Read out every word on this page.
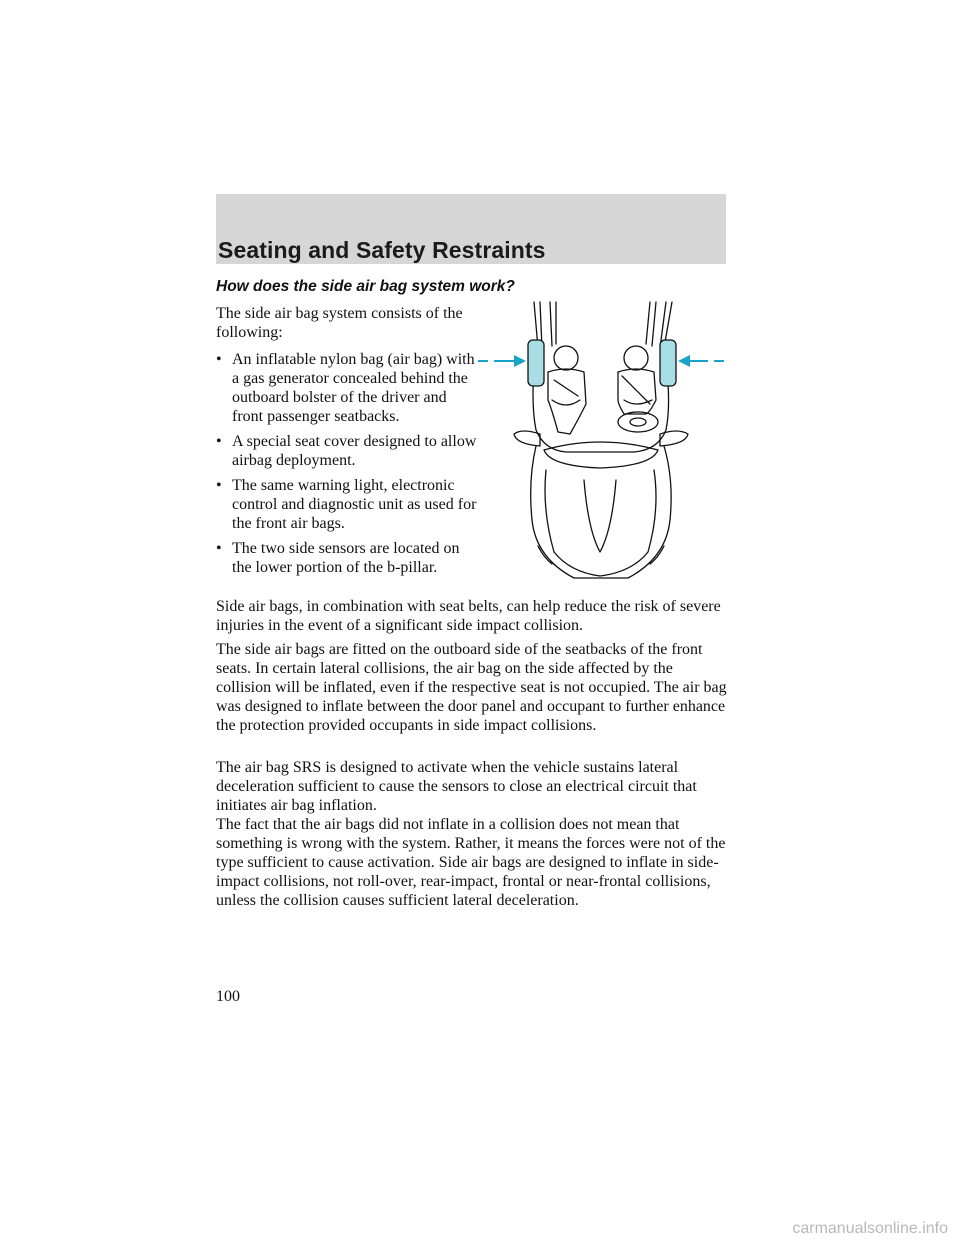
Seating and Safety Restraints
How does the side air bag system work?

The side air bag system consists of the following:

• An inflatable nylon bag (air bag) with a gas generator concealed behind the outboard bolster of the driver and front passenger seatbacks.
• A special seat cover designed to allow airbag deployment.
• The same warning light, electronic control and diagnostic unit as used for the front air bags.
• The two side sensors are located on the lower portion of the b-pillar.

Side air bags, in combination with seat belts, can help reduce the risk of severe injuries in the event of a significant side impact collision.

The side air bags are fitted on the outboard side of the seatbacks of the front seats. In certain lateral collisions, the air bag on the side affected by the collision will be inflated, even if the respective seat is not occupied. The air bag was designed to inflate between the door panel and occupant to further enhance the protection provided occupants in side impact collisions.

The air bag SRS is designed to activate when the vehicle sustains lateral deceleration sufficient to cause the sensors to close an electrical circuit that initiates air bag inflation.

The fact that the air bags did not inflate in a collision does not mean that something is wrong with the system. Rather, it means the forces were not of the type sufficient to cause activation. Side air bags are designed to inflate in side-impact collisions, not roll-over, rear-impact, frontal or near-frontal collisions, unless the collision causes sufficient lateral deceleration.

100
carmanualsonline.info
